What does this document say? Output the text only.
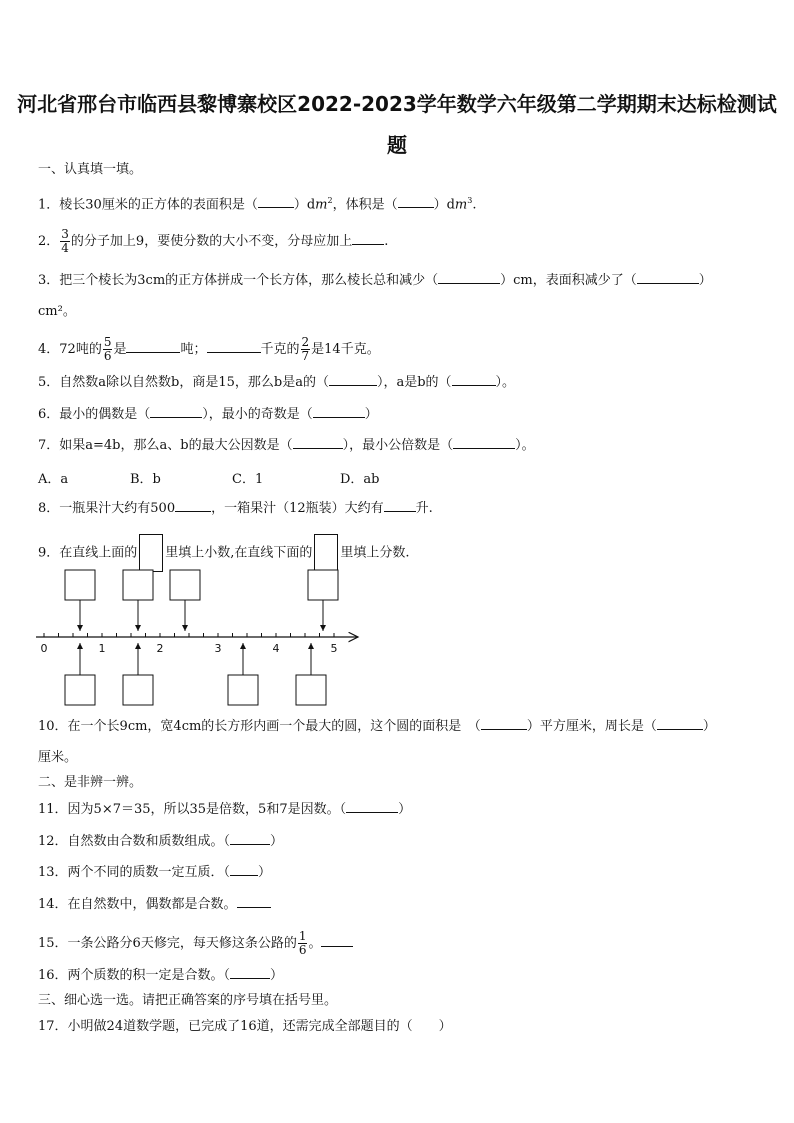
河北省邢台市临西县黎博寨校区2022-2023学年数学六年级第二学期期末达标检测试
题
一、认真填一填。
1．棱长30厘米的正方体的表面积是（	）$dm^2$，体积是（	）$dm^3$.
2． $\frac{3}{4}$ 的分子加上9，要使分数的大小不变，分母应加上 .
3．把三个棱长为3cm的正方体拼成一个长方体，那么棱长总和减少（	）cm，表面积减少了（	）
cm²。
4．72吨的 $\frac{5}{6}$ 是	吨；	千克的 $\frac{2}{7}$ 是14千克。
5．自然数a除以自然数b，商是15，那么b是a的（	），a是b的（	）。
6．最小的偶数是（	），最小的奇数是（	）
7．如果a=4b，那么a、b的最大公因数是（	），最小公倍数是（	）。
A．a	B．b	C．1	D．ab
8．一瓶果汁大约有500	，一箱果汁（12瓶装）大约有 升.
9．在直线上面的 里填上小数,在直线下面的 里填上分数.
0	1	2	3	4	5
10．在一个长9cm，宽4cm的长方形内画一个最大的圆，这个圆的面积是　（	）平方厘米，周长是（	）
厘米。
二、是非辨一辨。
11．因为5×7＝35，所以35是倍数，5和7是因数。（	）
12．自然数由合数和质数组成。（	）
13．两个不同的质数一定互质．（ ）
14．在自然数中，偶数都是合数。
15．一条公路分6天修完，每天修这条公路的 $\frac{1}{6}$ 。
16．两个质数的积一定是合数。（	）
三、细心选一选。请把正确答案的序号填在括号里。
17．小明做24道数学题，已完成了16道，还需完成全部题目的（　　）
